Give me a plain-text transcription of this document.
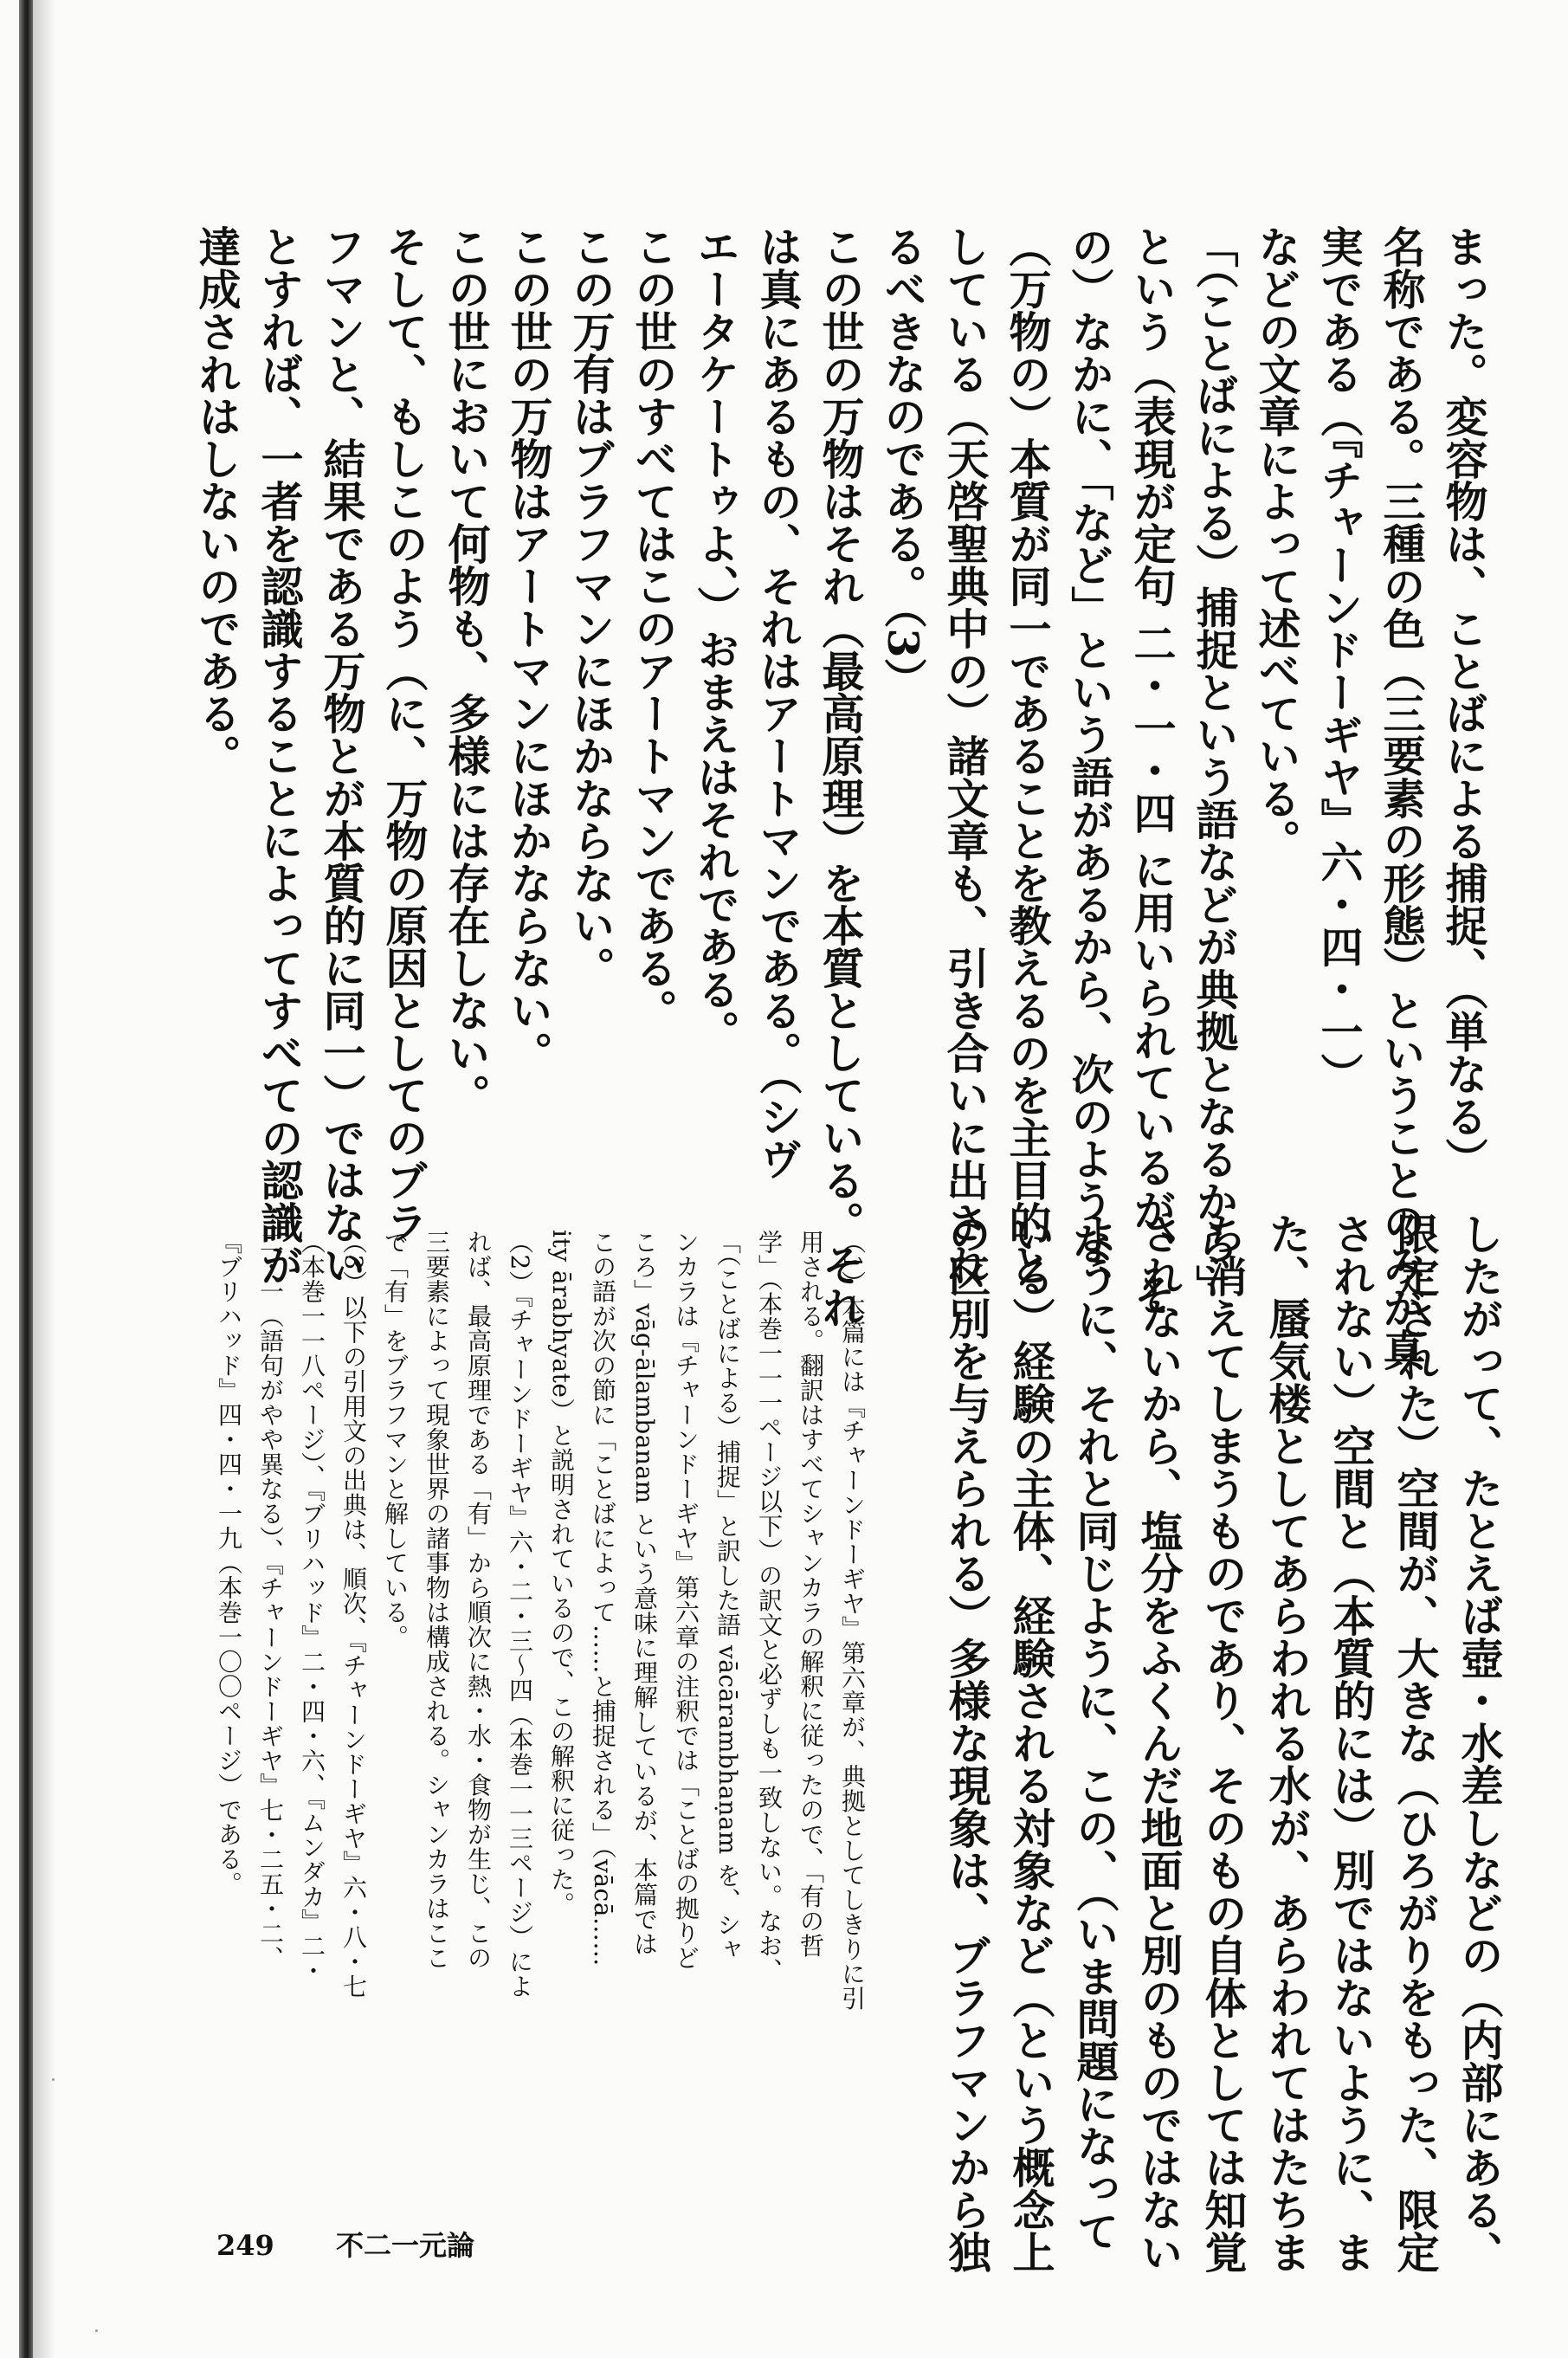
まった。変容物は、ことばによる捕捉、（単なる）

名称である。三種の色（三要素の形態）ということのみが真

実である（『チャーンドーギヤ』六・四・一）

などの文章によって述べている。

「（ことばによる）捕捉という語などが典拠となるから」

という（表現が定句 二・一・四 に用いられているが、そ

の）なかに、「など」という語があるから、次のような、

（万物の）本質が同一であることを教えるのを主目的と

している（天啓聖典中の）諸文章も、引き合いに出され

るべきなのである。（3）

この世の万物はそれ（最高原理）を本質としている。それ

は真にあるもの、それはアートマンである。（シヴ

エータケートゥよ、）おまえはそれである。

この世のすべてはこのアートマンである。

この万有はブラフマンにほかならない。

この世の万物はアートマンにほかならない。

この世において何物も、多様には存在しない。

そして、もしこのよう（に、万物の原因としてのブラ

フマンと、結果である万物とが本質的に同一）ではない

とすれば、一者を認識することによってすべての認識が

達成されはしないのである。

したがって、たとえば壺・水差しなどの（内部にある、

限定された）空間が、大きな（ひろがりをもった、限定

されない）空間と（本質的には）別ではないように、ま

た、蜃気楼としてあらわれる水が、あらわれてはたちま

ち消えてしまうものであり、そのもの自体としては知覚

されないから、塩分をふくんだ地面と別のものではない

ように、それと同じように、この、（いま問題になって

いる）経験の主体、経験される対象など（という概念上

の区別を与えられる）多様な現象は、ブラフマンから独

（1）本篇には『チャーンドーギヤ』第六章が、典拠としてしきりに引

用される。翻訳はすべてシャンカラの解釈に従ったので、「有の哲

学」（本巻一一一ページ以下）の訳文と必ずしも一致しない。なお、

「（ことばによる）捕捉」と訳した語 vācārambhaṇam を、シャ

ンカラは『チャーンドーギヤ』第六章の注釈では「ことばの拠りど

ころ」vāg-ālambanam という意味に理解しているが、本篇では

この語が次の節に「ことばによって……と捕捉される」（vācā……

ity ārabhyate）と説明されているので、この解釈に従った。

（2）『チャーンドーギヤ』六・二・三〜四（本巻一一三ページ）によ

れば、最高原理である「有」から順次に熱・水・食物が生じ、この

三要素によって現象世界の諸事物は構成される。シャンカラはここ

で「有」をブラフマンと解している。

（3）以下の引用文の出典は、順次、『チャーンドーギヤ』六・八・七

（本巻一一八ページ）、『ブリハッド』二・四・六、『ムンダカ』二・

二・一（語句がやや異なる）、『チャーンドーギヤ』七・二五・二、

『ブリハッド』四・四・一九（本巻一〇〇ページ）である。

249 不二一元論
